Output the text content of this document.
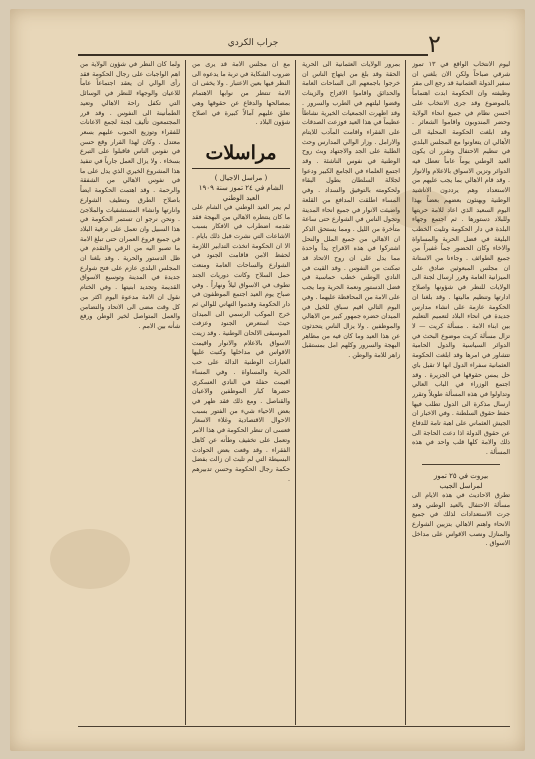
جراب الكردي	٢

ليوم الانتخاب الواقع في ١٣ تموز شرقي صباحاً ولكن الان بلغني ان سفير الدولة العثمانية قد رجع الى مقر وظيفته وان الحكومة ابدت اهتماماً بالموضوع وقد جرى الانتخاب على احسن نظام في جميع انحاء الولاية وحضر المندوبون واقاموا الشعائر . وقد ابلغت الحكومة المحلية الى الأهالي ان يتعاونوا مع المجلس البلدي في تنظيم الاحتفال وتقرر ان يكون العيد الوطني يوماً عاماً تعطل فيه الدوائر وتزين الاسواق بالاعلام والانوار . وقد قام الاهالي بما يجب عليهم من الاستعداد وهم يرددون الاناشيد الوطنية ويهنئون بعضهم بعضاً بهذا اليوم السعيد الذي اعاد للامة حريتها وللبلاد دستورها . ثم اجتمع وجهاء البلدة في دار الحكومة وتليت الخطب البليغة في فضل الحرية والمساواة والاخاء وكان الحضور جماً غفيراً من جميع الطوائف . وجاءنا من الاستانة ان مجلس المبعوثين صادق على الميزانية العامة وقرر ارسال لجنة الى الولايات للنظر في شؤونها واصلاح ادارتها وتنظيم ماليتها . وقد بلغنا ان الحكومة عازمة على انشاء مدارس جديدة في انحاء البلاد لتعميم التعليم بين ابناء الامة . مسألة كريت — لا تزال مسألة كريت موضوع البحث في الدوائر السياسية والدول الحامية تتشاور في امرها وقد ابلغت الحكومة العثمانية سفراء الدول انها لا تقبل باي حل يمس حقوقها في الجزيرة . وقد اجتمع الوزراء في الباب العالي وتداولوا في هذه المسألة طويلاً وتقرر ارسال مذكرة الى الدول تطلب فيها حفظ حقوق السلطنة . وفي الاخبار ان الجيش العثماني على اهبة تامة للدفاع عن حقوق الدولة اذا دعت الحاجة الى ذلك والامة كلها قلب واحد في هذه المسألة .

بيروت في ٢٥ تموز
لمراسل الجيب

تطرق الاحاديث في هذه الايام الى مسألة الاحتفال بالعيد الوطني وقد جرت الاستعدادات لذلك في جميع الانحاء واهتم الاهالي بتزيين الشوارع والمنازل ونصب الاقواس على مداخل الاسواق .

بمرور الولايات العثمانية الى الحرية الحقة وقد بلغ من ابتهاج الناس ان خرجوا باجمعهم الى الساحات العامة والحدائق واقاموا الافراح والزينات وقضوا ليلتهم في الطرب والسرور . وقد اظهرت الجمعيات الخيرية نشاطاً عظيماً في هذا العيد فوزعت الصدقات على الفقراء واقامت المآدب للايتام والارامل . وزار الوالي المدارس وحث الطلبة على الجد والاجتهاد وبث روح الوطنية في نفوس الناشئة . وقد اجتمع العلماء في الجامع الكبير ودعوا لجلالة السلطان بطول البقاء ولحكومته بالتوفيق والسداد . وفي المساء اطلقت المدافع من القلعة واضيئت الانوار في جميع انحاء المدينة وتجول الناس في الشوارع حتى ساعة متأخرة من الليل . ومما يستحق الذكر ان الاهالي من جميع الملل والنحل اشتركوا في هذه الافراح يداً واحدة مما يدل على ان روح الاتحاد قد تمكنت من النفوس . وقد القيت في النادي الوطني خطب حماسية في فضل الدستور ونعمة الحرية وما يجب على الامة من المحافظة عليهما . وفي اليوم التالي اقيم سباق للخيل في الميدان حضره جمهور كبير من الاهالي والموظفين . ولا يزال الناس يتحدثون عن هذا العيد وما كان فيه من مظاهر البهجة والسرور وكلهم امل بمستقبل زاهر للامة والوطن .

مع ان مجلس الامة قد يرى من ضروب الشكاية في تربة ما يدعوه الى النظر فيها بعين الاعتبار . ولا يخفى ان الامة تنتظر من نوابها الاهتمام بمصالحها والدفاع عن حقوقها وهي تعلق عليهم آمالاً كبيرة في اصلاح شؤون البلاد .

مراسلات
( مراسل الاجيال )
الشام في ٢٤ تموز سنة ١٩٠٩
العيد الوطني

لم يمر العيد الوطني في الشام على ما كان ينتظره الاهالي من البهجة فقد تقدمه اضطراب في الافكار بسبب الاشاعات التي نشرت قبل ذلك بايام . الا ان الحكومة اتخذت التدابير اللازمة لحفظ الامن فاقامت الجنود في الشوارع والساحات العامة ومنعت حمل السلاح وكانت دوريات الجند تطوف في الاسواق ليلاً ونهاراً . وفي صباح يوم العيد اجتمع الموظفون في دار الحكومة وقدموا التهاني للوالي ثم خرج الموكب الرسمي الى الميدان حيث استعرض الجنود وعزفت الموسيقى الالحان الوطنية . وقد زينت الاسواق بالاعلام والانوار واقيمت الاقواس في مداخلها وكتبت عليها العبارات الوطنية الدالة على حب الحرية والمساواة . وفي المساء اقيمت حفلة في النادي العسكري حضرها كبار الموظفين والاعيان والقناصل . ومع ذلك فقد ظهر في بعض الاحياء شيء من الفتور بسبب الاحوال الاقتصادية وغلاء الاسعار فعسى ان تنظر الحكومة في هذا الامر وتعمل على تخفيف وطأته عن كاهل الفقراء . وقد وقعت بعض الحوادث البسيطة التي لم تلبث ان زالت بفضل حكمة رجال الحكومة وحسن تدبيرهم .

ولما كان النظر في شؤون الولاية من اهم الواجبات على رجال الحكومة فقد رأى الوالي ان يعقد اجتماعاً عاماً للاعيان والوجهاء للنظر في الوسائل التي تكفل راحة الاهالي وتعيد الطمأنينة الى النفوس . وقد قرر المجتمعون تأليف لجنة لجمع الاعانات للفقراء وتوزيع الحبوب عليهم بسعر معتدل . وكان لهذا القرار وقع حسن في نفوس الناس فاقبلوا على التبرع بسخاء . ولا يزال العمل جارياً في تنفيذ هذا المشروع الخيري الذي يدل على ما في نفوس الاهالي من الشفقة والرحمة . وقد اهتمت الحكومة ايضاً باصلاح الطرق وتنظيف الشوارع وانارتها وانشاء المستشفيات والملاجئ . ونحن نرجو ان تستمر الحكومة في هذا السبيل وان تعمل على ترقية البلاد في جميع فروع العمران حتى تبلغ الامة ما تصبو اليه من الرقي والتقدم في ظل الدستور والحرية . وقد بلغنا ان المجلس البلدي عازم على فتح شوارع جديدة في المدينة وتوسيع الاسواق القديمة وتجديد ابنيتها . وفي الختام نقول ان الامة مدعوة اليوم اكثر من كل وقت مضى الى الاتحاد والتضامن والعمل المتواصل لخير الوطن ورفع شأنه بين الامم .
